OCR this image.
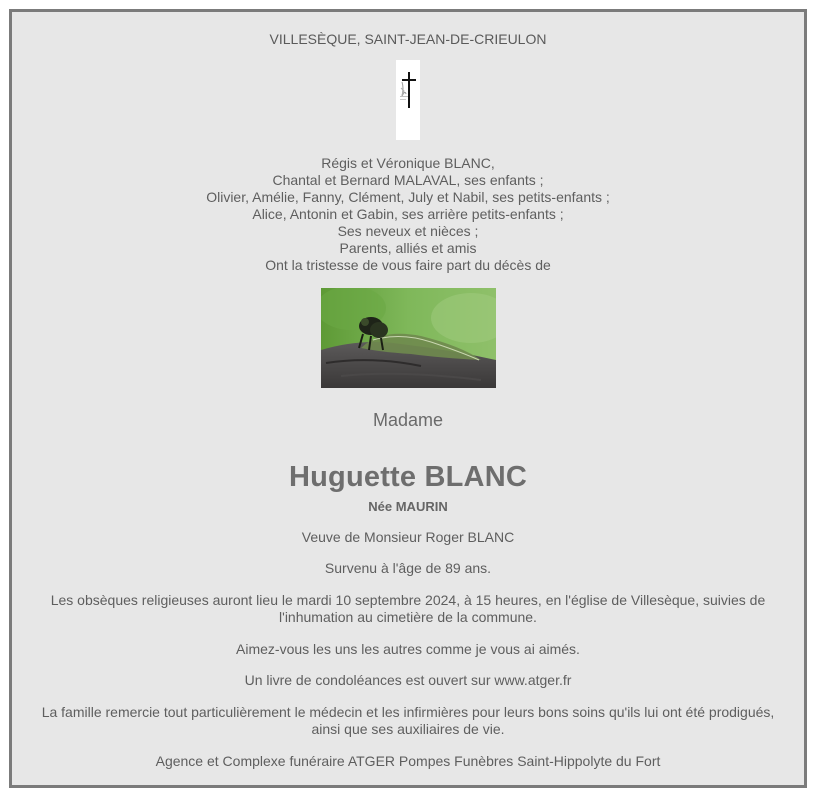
VILLESÈQUE, SAINT-JEAN-DE-CRIEULON
Régis et Véronique BLANC,
Chantal et Bernard MALAVAL, ses enfants ;
Olivier, Amélie, Fanny, Clément, July et Nabil, ses petits-enfants ;
Alice, Antonin et Gabin, ses arrière petits-enfants ;
Ses neveux et nièces ;
Parents, alliés et amis
Ont la tristesse de vous faire part du décès de
Madame
Huguette BLANC
Née MAURIN
Veuve de Monsieur Roger BLANC
Survenu à l'âge de 89 ans.
Les obsèques religieuses auront lieu le mardi 10 septembre 2024, à 15 heures, en l'église de Villesèque, suivies de l'inhumation au cimetière de la commune.
Aimez-vous les uns les autres comme je vous ai aimés.
Un livre de condoléances est ouvert sur www.atger.fr
La famille remercie tout particulièrement le médecin et les infirmières pour leurs bons soins qu'ils lui ont été prodigués, ainsi que ses auxiliaires de vie.
Agence et Complexe funéraire ATGER Pompes Funèbres Saint-Hippolyte du Fort
